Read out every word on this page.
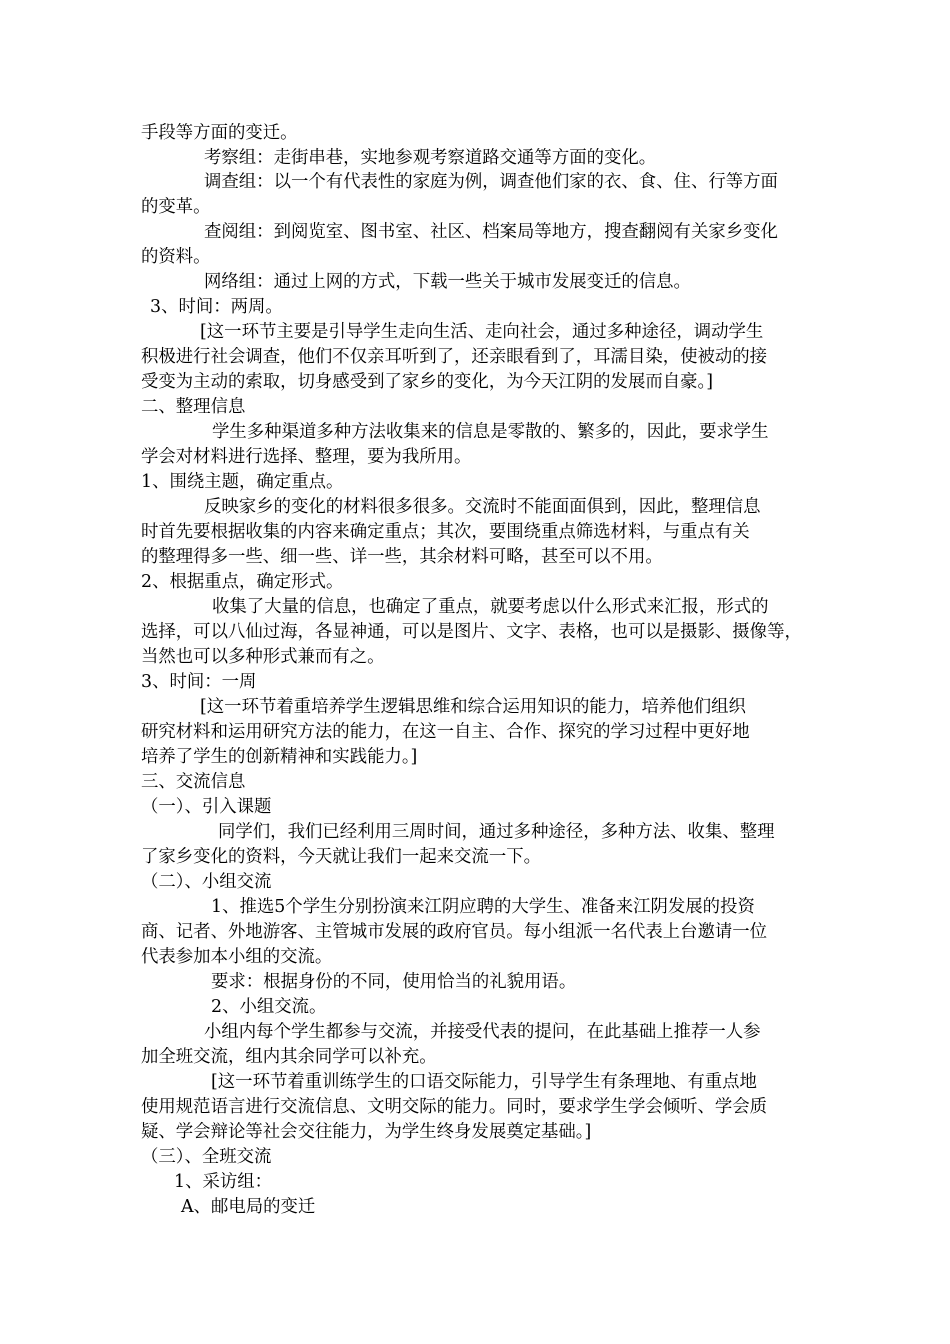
手段等方面的变迁。
考察组：走街串巷，实地参观考察道路交通等方面的变化。
调查组：以一个有代表性的家庭为例，调查他们家的衣、食、住、行等方面
的变革。
查阅组：到阅览室、图书室、社区、档案局等地方，搜查翻阅有关家乡变化
的资料。
网络组：通过上网的方式，下载一些关于城市发展变迁的信息。
3、时间：两周。
[这一环节主要是引导学生走向生活、走向社会，通过多种途径，调动学生
积极进行社会调查，他们不仅亲耳听到了，还亲眼看到了，耳濡目染，使被动的接
受变为主动的索取，切身感受到了家乡的变化，为今天江阴的发展而自豪。]
二、整理信息
学生多种渠道多种方法收集来的信息是零散的、繁多的，因此，要求学生
学会对材料进行选择、整理，要为我所用。
1、围绕主题，确定重点。
反映家乡的变化的材料很多很多。交流时不能面面俱到，因此，整理信息
时首先要根据收集的内容来确定重点；其次，要围绕重点筛选材料，与重点有关
的整理得多一些、细一些、详一些，其余材料可略，甚至可以不用。
2、根据重点，确定形式。
收集了大量的信息，也确定了重点，就要考虑以什么形式来汇报，形式的
选择，可以八仙过海，各显神通，可以是图片、文字、表格，也可以是摄影、摄像等，
当然也可以多种形式兼而有之。
3、时间：一周
[这一环节着重培养学生逻辑思维和综合运用知识的能力，培养他们组织
研究材料和运用研究方法的能力，在这一自主、合作、探究的学习过程中更好地
培养了学生的创新精神和实践能力。]
三、交流信息
（一）、引入课题
同学们，我们已经利用三周时间，通过多种途径，多种方法、收集、整理
了家乡变化的资料，今天就让我们一起来交流一下。
（二）、小组交流
1、推选5个学生分别扮演来江阴应聘的大学生、准备来江阴发展的投资
商、记者、外地游客、主管城市发展的政府官员。每小组派一名代表上台邀请一位
代表参加本小组的交流。
要求：根据身份的不同，使用恰当的礼貌用语。
2、小组交流。
小组内每个学生都参与交流，并接受代表的提问，在此基础上推荐一人参
加全班交流，组内其余同学可以补充。
[这一环节着重训练学生的口语交际能力，引导学生有条理地、有重点地
使用规范语言进行交流信息、文明交际的能力。同时，要求学生学会倾听、学会质
疑、学会辩论等社会交往能力，为学生终身发展奠定基础。]
（三）、全班交流
1、采访组：
A、邮电局的变迁
